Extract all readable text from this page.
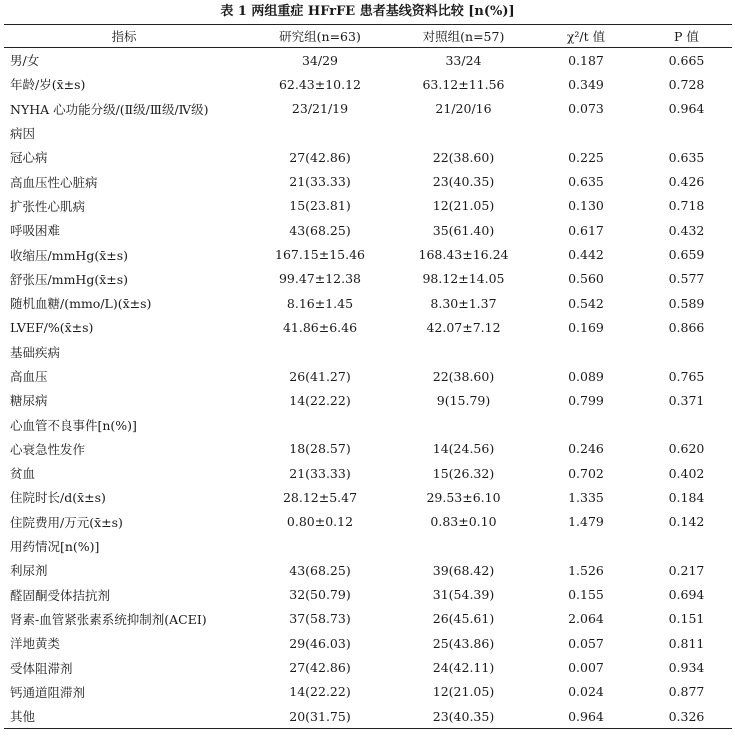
表 1 两组重症 HFrFE 患者基线资料比较 [n(%)]
指标	研究组(n=63)	对照组(n=57)	χ²/t 值	P 值
男/女	34/29	33/24	0.187	0.665
年龄/岁(x̄±s)	62.43±10.12	63.12±11.56	0.349	0.728
NYHA 心功能分级/(Ⅱ级/Ⅲ级/Ⅳ级)	23/21/19	21/20/16	0.073	0.964
病因				
冠心病	27(42.86)	22(38.60)	0.225	0.635
高血压性心脏病	21(33.33)	23(40.35)	0.635	0.426
扩张性心肌病	15(23.81)	12(21.05)	0.130	0.718
呼吸困难	43(68.25)	35(61.40)	0.617	0.432
收缩压/mmHg(x̄±s)	167.15±15.46	168.43±16.24	0.442	0.659
舒张压/mmHg(x̄±s)	99.47±12.38	98.12±14.05	0.560	0.577
随机血糖/(mmo/L)(x̄±s)	8.16±1.45	8.30±1.37	0.542	0.589
LVEF/%(x̄±s)	41.86±6.46	42.07±7.12	0.169	0.866
基础疾病				
高血压	26(41.27)	22(38.60)	0.089	0.765
糖尿病	14(22.22)	9(15.79)	0.799	0.371
心血管不良事件[n(%)]				
心衰急性发作	18(28.57)	14(24.56)	0.246	0.620
贫血	21(33.33)	15(26.32)	0.702	0.402
住院时长/d(x̄±s)	28.12±5.47	29.53±6.10	1.335	0.184
住院费用/万元(x̄±s)	0.80±0.12	0.83±0.10	1.479	0.142
用药情况[n(%)]				
利尿剂	43(68.25)	39(68.42)	1.526	0.217
醛固酮受体拮抗剂	32(50.79)	31(54.39)	0.155	0.694
肾素-血管紧张素系统抑制剂(ACEI)	37(58.73)	26(45.61)	2.064	0.151
洋地黄类	29(46.03)	25(43.86)	0.057	0.811
受体阻滞剂	27(42.86)	24(42.11)	0.007	0.934
钙通道阻滞剂	14(22.22)	12(21.05)	0.024	0.877
其他	20(31.75)	23(40.35)	0.964	0.326
